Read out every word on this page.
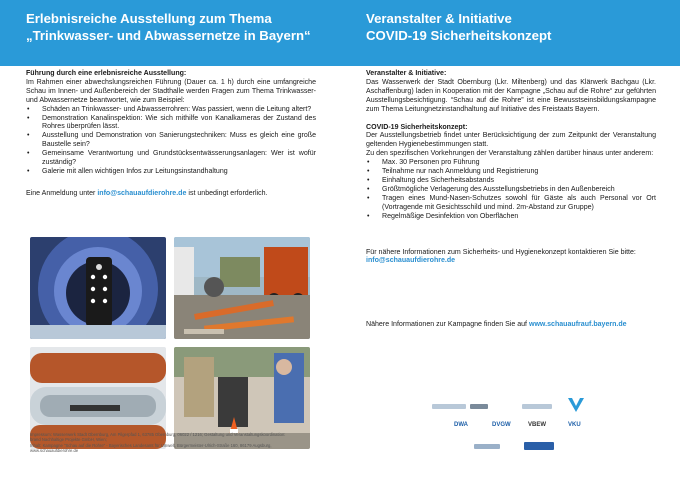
Erlebnisreiche Ausstellung zum Thema
„Trinkwasser- und Abwassernetze in Bayern“
Veranstalter & Initiative
COVID-19 Sicherheitskonzept
Führung durch eine erlebnisreiche Ausstellung:
Im Rahmen einer abwechslungsreichen Führung (Dauer ca. 1 h) durch eine umfangreiche Schau im Innen- und Außenbereich der Stadthalle werden Fragen zum Thema Trinkwasser- und Abwassernetze beantwortet, wie zum Beispiel:
• Schäden an Trinkwasser- und Abwasserrohren: Was passiert, wenn die Leitung altert?
• Demonstration Kanalinspektion: Wie sich mithilfe von Kanalkameras der Zustand des Rohres überprüfen lässt.
• Ausstellung und Demonstration von Sanierungstechniken: Muss es gleich eine große Baustelle sein?
• Gemeinsame Verantwortung und Grundstücksentwässerungsanlagen: Wer ist wofür zuständig?
• Galerie mit allen wichtigen Infos zur Leitungsinstandhaltung
Eine Anmeldung unter info@schauaufdierohre.de ist unbedingt erforderlich.
Impressum: Wasserwerk Stadt Obernburg, Am Pilgerpfad 1, 63785 Obernburg, 06022 / 1216; Gestaltung und Veranstaltungskoordination:
brand Nachhaltige Projekte GmbH, Wien;
Inhalt: Kampagne "Schau auf die Rohre" - Bayerisches Landesamt für Umwelt, Bürgermeister-Ulrich-Straße 160, 86179 Augsburg,
www.schauaufdierohre.de
Veranstalter & Initiative:
Das Wasserwerk der Stadt Obernburg (Lkr. Miltenberg) und das Klärwerk Bachgau (Lkr. Aschaffenburg) laden in Kooperation mit der Kampagne „Schau auf die Rohre“ zur geführten Ausstellungsbesichtigung. “Schau auf die Rohre” ist eine Bewusstseinsbildungskampagne zum Thema Leitungnetzinstandhaltung auf Initiative des Freistaats Bayern.
COVID-19 Sicherheitskonzept:
Der Ausstellungsbetrieb findet unter Berücksichtigung der zum Zeitpunkt der Veranstaltung geltenden Hygienebestimmungen statt.
Zu den spezifischen Vorkehrungen der Veranstaltung zählen darüber hinaus unter anderem:
• Max. 30 Personen pro Führung
• Teilnahme nur nach Anmeldung und Registrierung
• Einhaltung des Sicherheitsabstands
• Größtmögliche Verlagerung des Ausstellungsbetriebs in den Außenbereich
• Tragen eines Mund-Nasen-Schutzes sowohl für Gäste als auch Personal vor Ort (Vortragende mit Gesichtsschild und mind. 2m-Abstand zur Gruppe)
• Regelmäßige Desinfektion von Oberflächen
Für nähere Informationen zum Sicherheits- und Hygienekonzept kontaktieren Sie bitte:
info@schauaufdierohre.de
Nähere Informationen zur Kampagne finden Sie auf www.schauaufrauf.bayern.de
DWA	DVGW	VBEW	VKU
